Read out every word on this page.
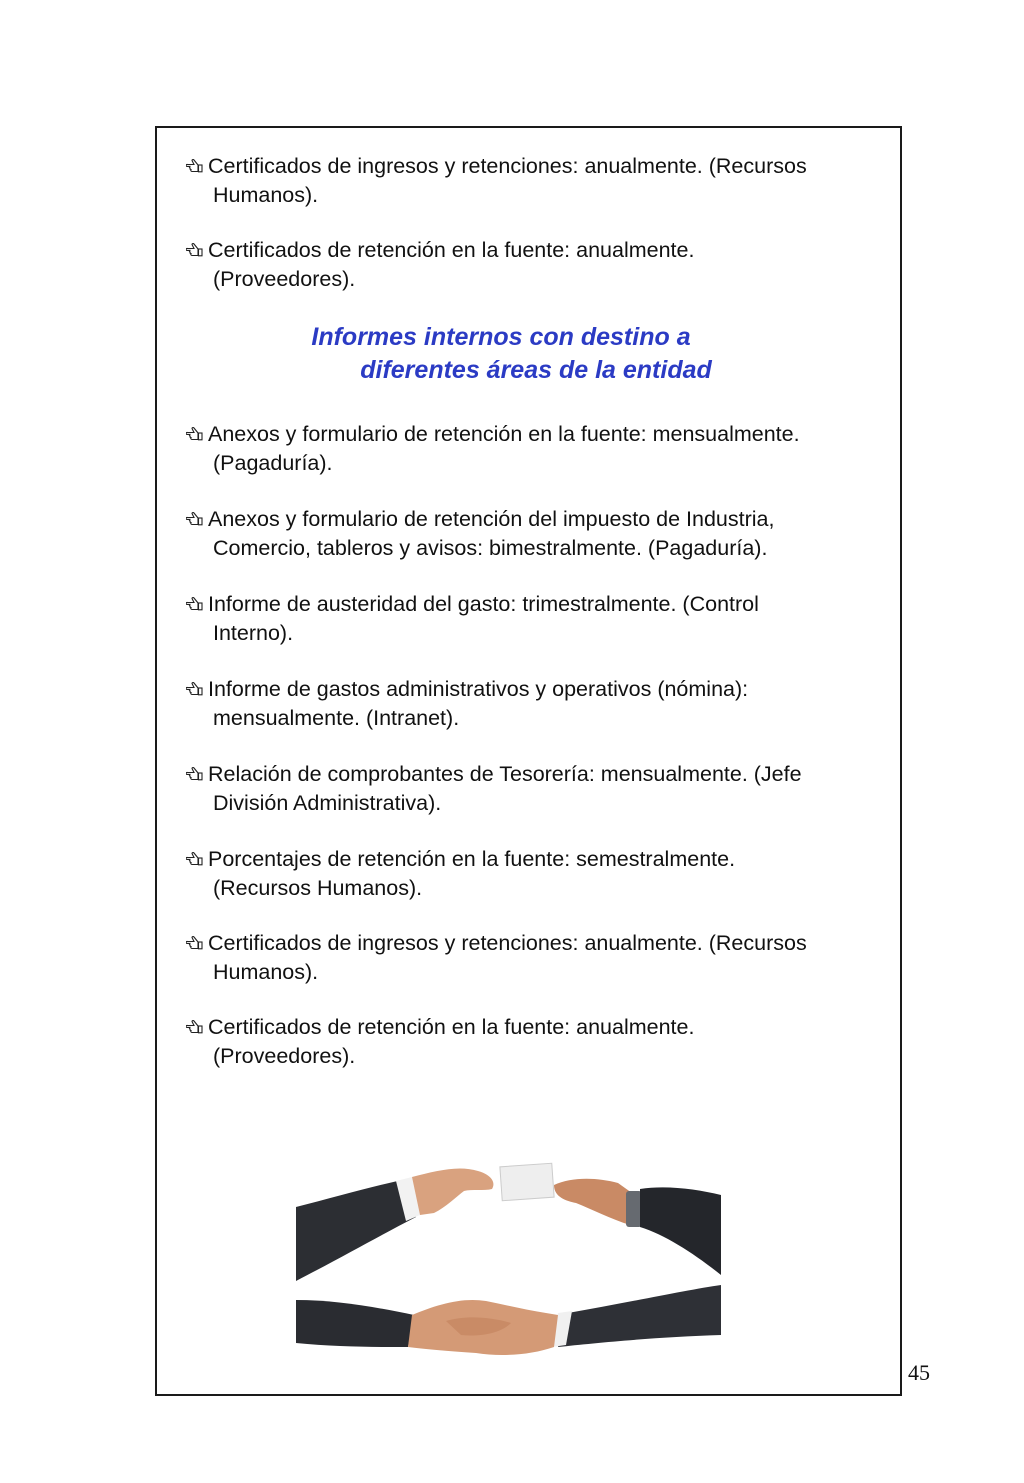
Certificados de ingresos y retenciones: anualmente. (Recursos
Humanos).
Certificados de retención en la fuente: anualmente.
(Proveedores).
Informes internos con destino a
diferentes áreas de la entidad
Anexos y formulario de retención en la fuente: mensualmente.
(Pagaduría).
Anexos y formulario de retención del impuesto de Industria,
Comercio, tableros y avisos: bimestralmente. (Pagaduría).
Informe de austeridad del gasto: trimestralmente. (Control
Interno).
Informe de gastos administrativos y operativos (nómina):
mensualmente. (Intranet).
Relación de comprobantes de Tesorería: mensualmente. (Jefe
División Administrativa).
Porcentajes de retención en la fuente: semestralmente.
(Recursos Humanos).
Certificados de ingresos y retenciones: anualmente. (Recursos
Humanos).
Certificados de retención en la fuente: anualmente.
(Proveedores).
45
